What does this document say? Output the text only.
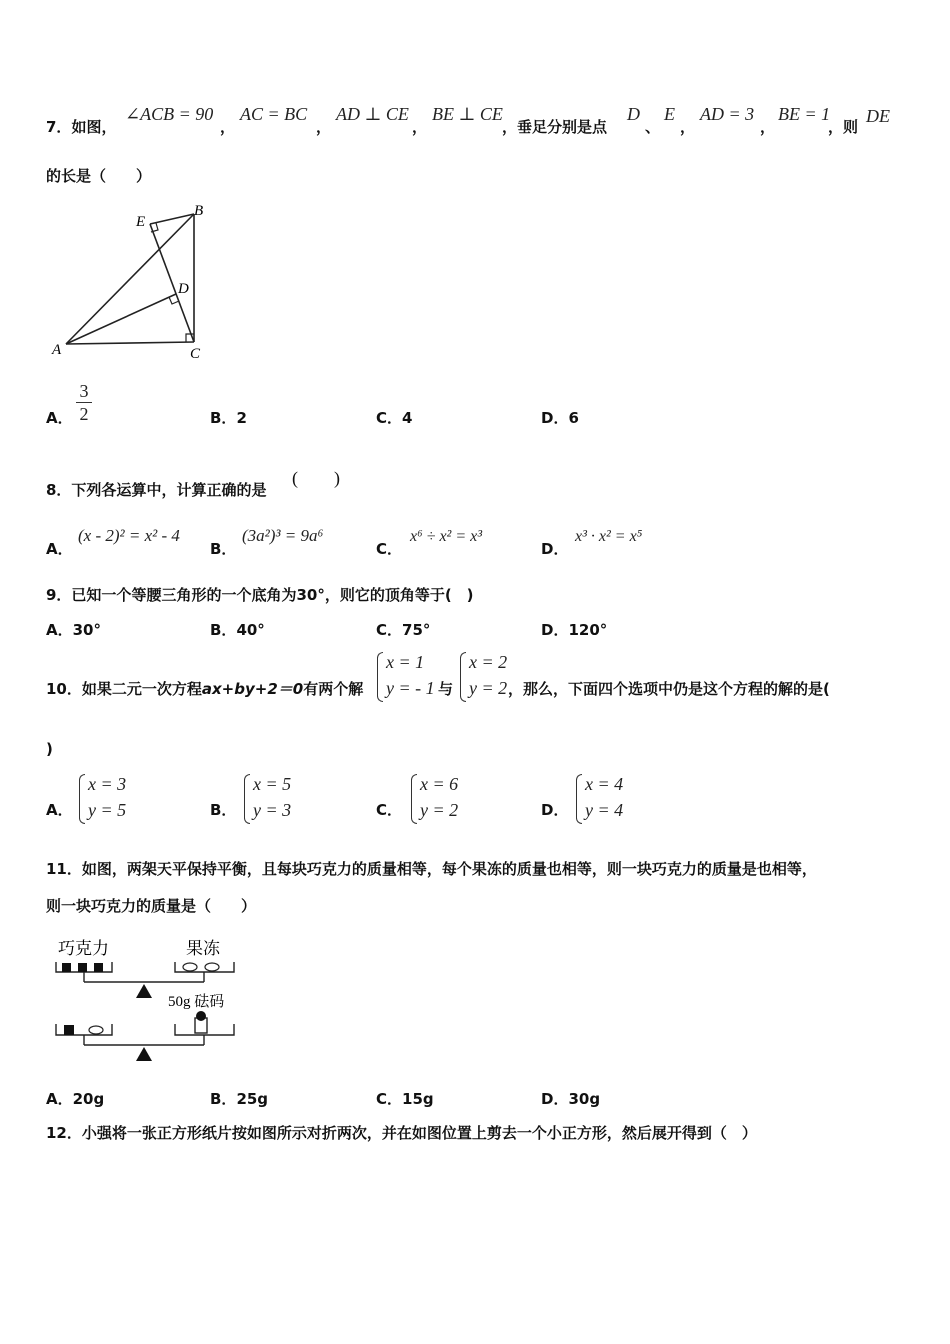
7．如图，
∠ACB = 90
，
AC = BC
，
AD ⊥ CE
，
BE ⊥ CE
，垂足分别是点
D
、
E
，
AD = 3
，
BE = 1
，则
DE
的长是（　　）
E
B
D
A	C
A．
3
2	B．2	C．4	D．6
8．下列各运算中，计算正确的是
(　　)
A．
(x - 2)² = x² - 4
B．
(3a²)³ = 9a⁶
C．
x⁶ ÷ x² = x³
D．
x³ · x² = x⁵
9．已知一个等腰三角形的一个底角为30°，则它的顶角等于(　)
A．30°	B．40°	C．75°	D．120°
10．如果二元一次方程ax+by+2＝0有两个解
x = 1
y = - 1 与
x = 2
y = 2 ，那么，下面四个选项中仍是这个方程的解的是(
)
A．
x = 3
y = 5	B．
x = 5
y = 3	C．
x = 6
y = 2	D．
x = 4
y = 4
11．如图，两架天平保持平衡，且每块巧克力的质量相等，每个果冻的质量也相等，则一块巧克力的质量是也相等，
则一块巧克力的质量是（　　）
巧克力	果冻
50g 砝码
A．20g	B．25g	C．15g	D．30g
12．小强将一张正方形纸片按如图所示对折两次，并在如图位置上剪去一个小正方形，然后展开得到（　）
